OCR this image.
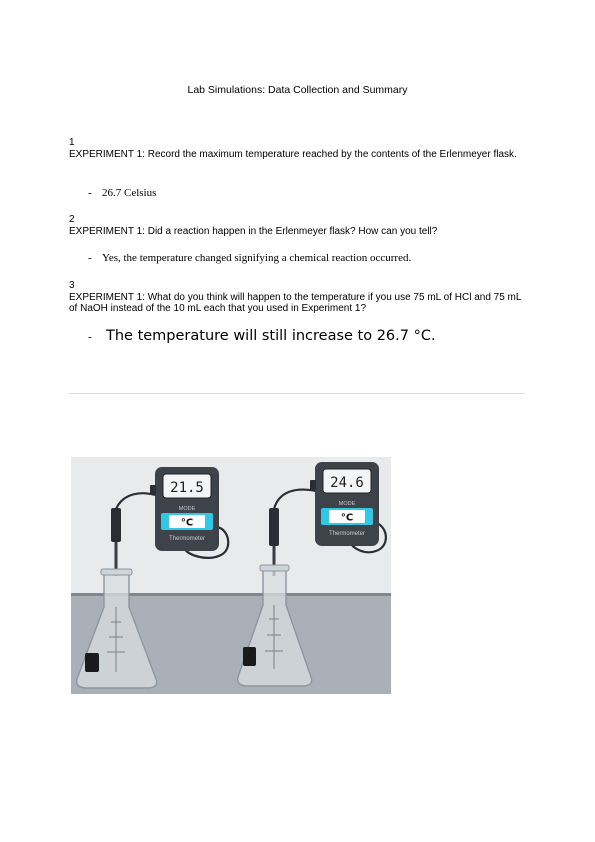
Lab Simulations: Data Collection and Summary
1
EXPERIMENT 1: Record the maximum temperature reached by the contents of the Erlenmeyer flask.
- 26.7 Celsius
2
EXPERIMENT 1: Did a reaction happen in the Erlenmeyer flask? How can you tell?
- Yes, the temperature changed signifying a chemical reaction occurred.
3
EXPERIMENT 1: What do you think will happen to the temperature if you use 75 mL of HCl and 75 mL of NaOH instead of the 10 mL each that you used in Experiment 1?
- The temperature will still increase to 26.7 °C.
21.5
MODE
°C
Thermometer
24.6
MODE
°C
Thermometer
